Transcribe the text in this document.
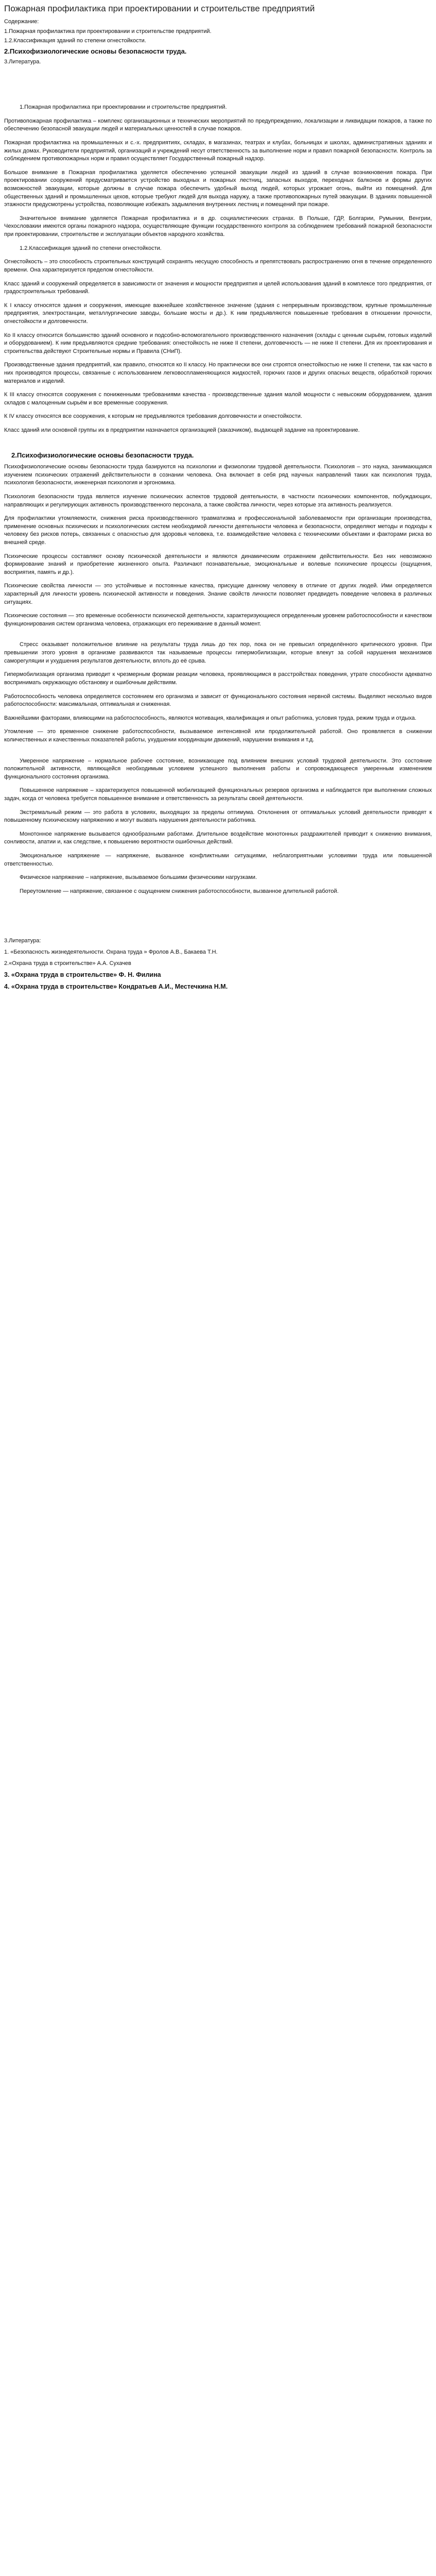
Пожарная профилактика при проектировании и строительстве предприятий

Содержание:

1.Пожарная профилактика при проектировании и строительстве предприятий.

1.2.Классификация зданий по степени огнестойкости.

2.Психофизиологические основы безопасности труда.

3.Литература.

1.Пожарная профилактика при проектировании и строительстве предприятий.

Противопожарная профилактика – комплекс организационных и технических мероприятий по предупреждению, локализации и ликвидации пожаров, а также по обеспечению безопасной эвакуации людей и материальных ценностей в случае пожаров.

Пожарная профилактика на промышленных и с.-х. предприятиях, складах, в магазинах, театрах и клубах, больницах и школах, административных зданиях и жилых домах. Руководители предприятий, организаций и учреждений несут ответственность за выполнение норм и правил пожарной безопасности. Контроль за соблюдением противопожарных норм и правил осуществляет Государственный пожарный надзор.

Большое внимание в Пожарная профилактика уделяется обеспечению успешной эвакуации людей из зданий в случае возникновения пожара. При проектировании сооружений предусматривается устройство выходных и пожарных лестниц, запасных выходов, переходных балконов и формы других возможностей эвакуации, которые должны в случае пожара обеспечить удобный выход людей, которых угрожает огонь, выйти из помещений. Для общественных зданий и промышленных цехов, которые требуют людей для выхода наружу, а также противопожарных путей эвакуации. В зданиях повышенной этажности предусмотрены устройства, позволяющие избежать задымления внутренних лестниц и помещений при пожаре.

Значительное внимание уделяется Пожарная профилактика и в др. социалистических странах. В Польше, ГДР, Болгарии, Румынии, Венгрии, Чехословакии имеются органы пожарного надзора, осуществляющие функции государственного контроля за соблюдением требований пожарной безопасности при проектировании, строительстве и эксплуатации объектов народного хозяйства.

1.2.Классификация зданий по степени огнестойкости.

Огнестойкость – это способность строительных конструкций сохранять несущую способность и препятствовать распространению огня в течение определенного времени. Она характеризуется пределом огнестойкости.

Класс зданий и сооружений определяется в зависимости от значения и мощности предприятия и целей использования зданий в комплексе того предприятия, от градостроительных требований.

К I классу относятся здания и сооружения, имеющие важнейшее хозяйственное значение (здания с непрерывным производством, крупные промышленные предприятия, электростанции, металлургические заводы, большие мосты и др.). К ним предъявляются повышенные требования в отношении прочности, огнестойкости и долговечности.

Ко II классу относится большинство зданий основного и подсобно-вспомогательного производственного назначения (склады с ценным сырьём, готовых изделий и оборудованием). К ним предъявляются средние требования: огнестойкость не ниже II степени, долговечность — не ниже II степени. Для их проектирования и строительства действуют Строительные нормы и Правила (СНиП).

Производственные здания предприятий, как правило, относятся ко II классу. Но практически все они строятся огнестойкостью не ниже II степени, так как часто в них производятся процессы, связанные с использованием легковоспламеняющихся жидкостей, горючих газов и других опасных веществ, обработкой горючих материалов и изделий.

К III классу относятся сооружения с пониженными требованиями качества - производственные здания малой мощности с невысоким оборудованием, здания складов с малоценным сырьём и все временные сооружения.

К IV классу относятся все сооружения, к которым не предъявляются требования долговечности и огнестойкости.

Класс зданий или основной группы их в предприятии назначается организацией (заказчиком), выдающей задание на проектирование.

2.Психофизиологические основы безопасности труда.

Психофизиологические основы безопасности труда базируются на психологии и физиологии трудовой деятельности. Психология – это наука, занимающаяся изучением психических отражений действительности в сознании человека. Она включает в себя ряд научных направлений таких как психология труда, психология безопасности, инженерная психология и эргономика.

Психология безопасности труда является изучение психических аспектов трудовой деятельности, в частности психических компонентов, побуждающих, направляющих и регулирующих активность производственного персонала, а также свойства личности, через которые эта активность реализуется.

Для профилактики утомляемости, снижения риска производственного травматизма и профессиональной заболеваемости при организации производства, применение основных психических и психологических систем необходимой личности деятельности человека и безопасности, определяют методы и подходы к человеку без рисков потерь, связанных с опасностью для здоровья человека, т.е. взаимодействие человека с техническими объектами и факторами риска во внешней среде.

Психические процессы составляют основу психической деятельности и являются динамическим отражением действительности. Без них невозможно формирование знаний и приобретение жизненного опыта. Различают познавательные, эмоциональные и волевые психические процессы (ощущения, восприятия, память и др.).

Психические свойства личности — это устойчивые и постоянные качества, присущие данному человеку в отличие от других людей. Ими определяется характерный для личности уровень психической активности и поведения. Знание свойств личности позволяет предвидеть поведение человека в различных ситуациях.

Психические состояния — это временные особенности психической деятельности, характеризующиеся определенным уровнем работоспособности и качеством функционирования систем организма человека, отражающих его переживание в данный момент.

Стресс оказывает положительное влияние на результаты труда лишь до тех пор, пока он не превысил определённого критического уровня. При превышении этого уровня в организме развиваются так называемые процессы гипермобилизации, которые влекут за собой нарушения механизмов саморегуляции и ухудшения результатов деятельности, вплоть до её срыва.

Гипермобилизация организма приводит к чрезмерным формам реакции человека, проявляющимся в расстройствах поведения, утрате способности адекватно воспринимать окружающую обстановку и ошибочным действиям.

Работоспособность человека определяется состоянием его организма и зависит от функционального состояния нервной системы. Выделяют несколько видов работоспособности: максимальная, оптимальная и сниженная.

Важнейшими факторами, влияющими на работоспособность, являются мотивация, квалификация и опыт работника, условия труда, режим труда и отдыха.

Утомление — это временное снижение работоспособности, вызываемое интенсивной или продолжительной работой. Оно проявляется в снижении количественных и качественных показателей работы, ухудшении координации движений, нарушении внимания и т.д.

Умеренное напряжение – нормальное рабочее состояние, возникающее под влиянием внешних условий трудовой деятельности. Это состояние положительной активности, являющейся необходимым условием успешного выполнения работы и сопровождающееся умеренным изменением функционального состояния организма.

Повышенное напряжение – характеризуется повышенной мобилизацией функциональных резервов организма и наблюдается при выполнении сложных задач, когда от человека требуется повышенное внимание и ответственность за результаты своей деятельности.

Экстремальный режим — это работа в условиях, выходящих за пределы оптимума. Отклонения от оптимальных условий деятельности приводят к повышенному психическому напряжению и могут вызвать нарушения деятельности работника.

Монотонное напряжение вызывается однообразными работами. Длительное воздействие монотонных раздражителей приводит к снижению внимания, сонливости, апатии и, как следствие, к повышению вероятности ошибочных действий.

Эмоциональное напряжение — напряжение, вызванное конфликтными ситуациями, неблагоприятными условиями труда или повышенной ответственностью.

Физическое напряжение – напряжение, вызываемое большими физическими нагрузками.

Переутомление — напряжение, связанное с ощущением снижения работоспособности, вызванное длительной работой.

3.Литература:

1. «Безопасность жизнедеятельности. Охрана труда » Фролов А.В., Бакаева Т.Н.

2.«Охрана труда в строительстве» А.А. Сухачев

3. «Охрана труда в строительстве» Ф. Н. Филина

4. «Охрана труда в строительстве» Кондратьев А.И., Местечкина Н.М.
